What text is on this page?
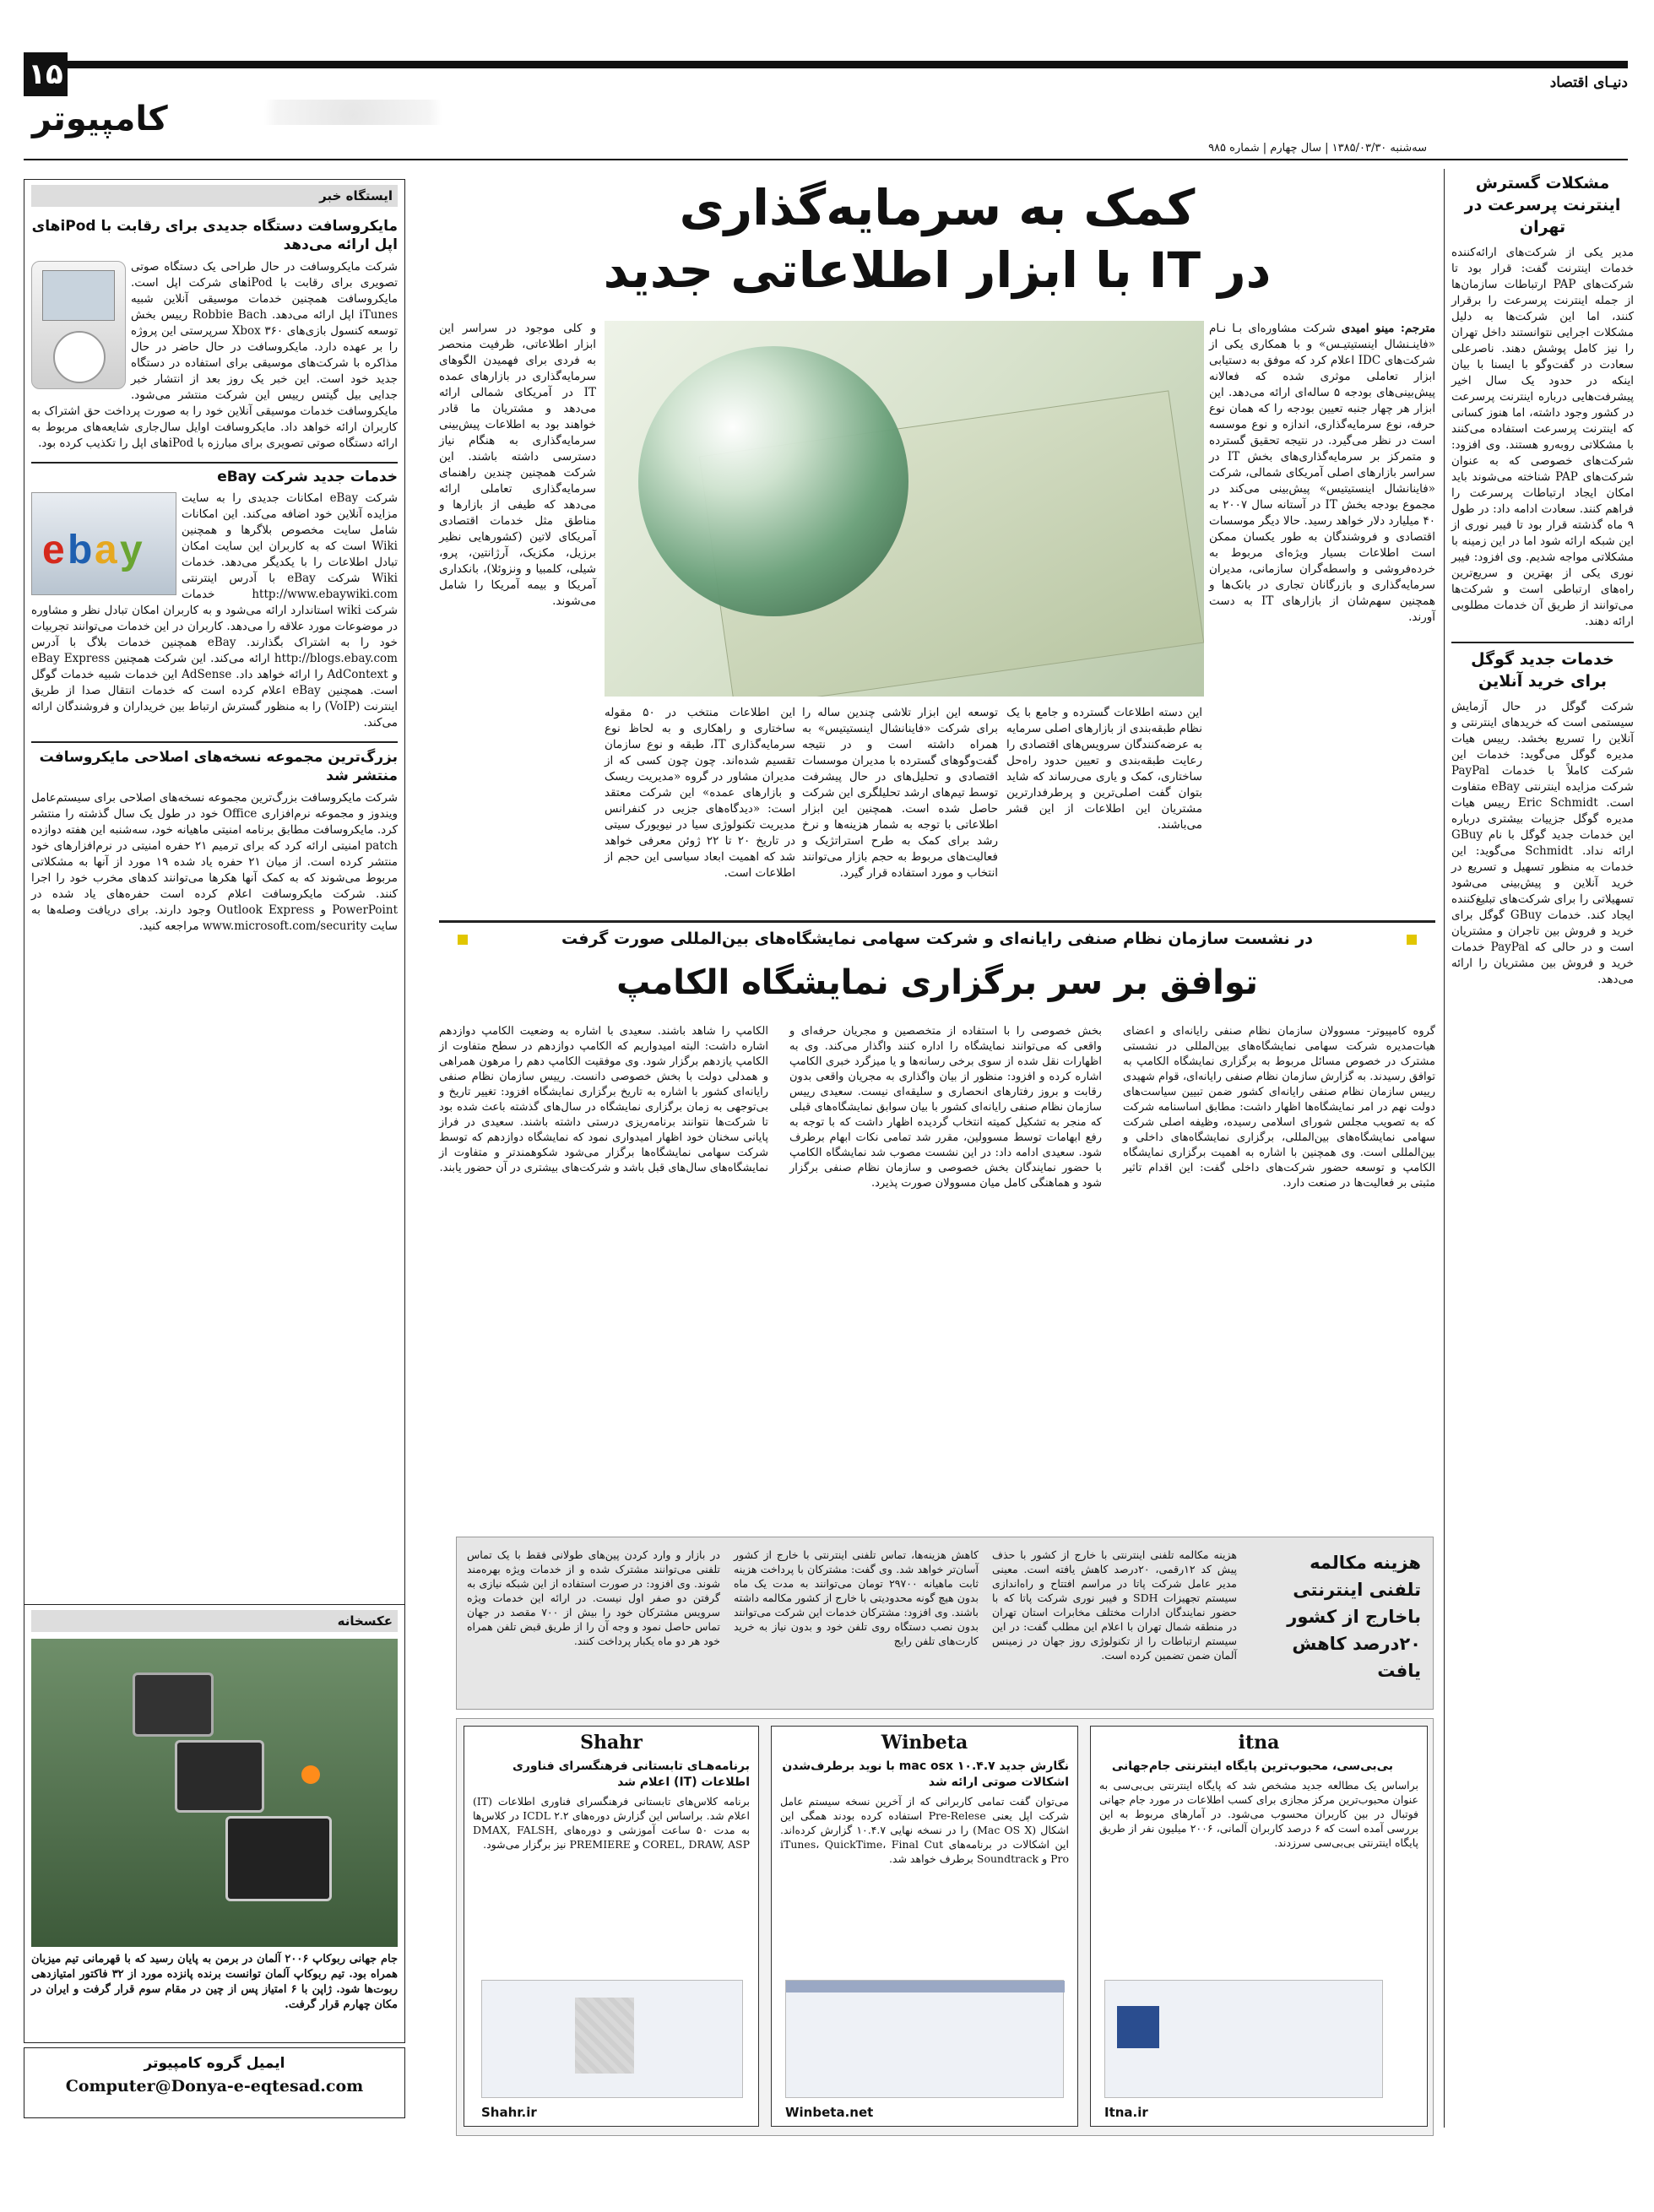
۱۵	دنیـای اقتصاد
کامپیوتر
سه‌شنبه ۱۳۸۵/۰۳/۳۰ | سال چهارم | شماره ۹۸۵
ایستگاه خبر
مایکروسافت دستگاه جدیدی برای رقابت با iPodهای اپل ارائه می‌دهد
شرکت مایکروسافت در حال طراحی یک دستگاه صوتی تصویری برای رقابت با iPodهای شرکت اپل است. مایکروسافت همچنین خدمات موسیقی آنلاین شبیه iTunes اپل ارائه می‌دهد. Robbie Bach رییس بخش توسعه کنسول بازی‌های Xbox ۳۶۰ سرپرستی این پروژه را بر عهده دارد. مایکروسافت در حال حاضر در حال مذاکره با شرکت‌های موسیقی برای استفاده در دستگاه جدید خود است. این خبر یک روز بعد از انتشار خبر جدایی بیل گیتس رییس این شرکت منتشر می‌شود. مایکروسافت خدمات موسیقی آنلاین خود را به صورت پرداخت حق اشتراک به کاربران ارائه خواهد داد. مایکروسافت اوایل سال‌جاری شایعه‌های مربوط به ارائه دستگاه صوتی تصویری برای مبارزه با iPodهای اپل را تکذیب کرده بود.
خدمات جدید شرکت eBay
e b a y
شرکت eBay امکانات جدیدی را به سایت مزایده آنلاین خود اضافه می‌کند. این امکانات شامل سایت مخصوص بلاگرها و همچنین Wiki است که به کاربران این سایت امکان تبادل اطلاعات را با یکدیگر می‌دهد. خدمات Wiki شرکت eBay با آدرس اینترنتی http://www.ebaywiki.com خدمات شرکت wiki استاندارد ارائه می‌شود و به کاربران امکان تبادل نظر و مشاوره در موضوعات مورد علاقه را می‌دهد. کاربران در این خدمات می‌توانند تجربیات خود را به اشتراک بگذارند. eBay همچنین خدمات بلاگ با آدرس http://blogs.ebay.com ارائه می‌کند. این شرکت همچنین eBay Express و AdContext را ارائه خواهد داد. AdSense این خدمات شبیه خدمات گوگل است. همچنین eBay اعلام کرده است که خدمات انتقال صدا از طریق اینترنت (VoIP) را به منظور گسترش ارتباط بین خریداران و فروشندگان ارائه می‌کند.
بزرگ‌ترین مجموعه نسخه‌های اصلاحی مایکروسافت منتشر شد
شرکت مایکروسافت بزرگ‌ترین مجموعه نسخه‌های اصلاحی برای سیستم‌عامل ویندوز و مجموعه نرم‌افزاری Office خود در طول یک سال گذشته را منتشر کرد. مایکروسافت مطابق برنامه امنیتی ماهیانه خود، سه‌شنبه این هفته دوازده patch امنیتی ارائه کرد که برای ترمیم ۲۱ حفره امنیتی در نرم‌افزارهای خود منتشر کرده است. از میان ۲۱ حفره یاد شده ۱۹ مورد از آنها به مشکلاتی مربوط می‌شوند که به کمک آنها هکرها می‌توانند کدهای مخرب خود را اجرا کنند. شرکت مایکروسافت اعلام کرده است حفره‌های یاد شده در PowerPoint و Outlook Express وجود دارند. برای دریافت وصله‌ها به سایت www.microsoft.com/security مراجعه کنید.
عکسخانه
جام جهانی ربوکاپ ۲۰۰۶ آلمان در برمن به پایان رسید که با قهرمانی تیم میزبان همراه بود. تیم ربوکاپ آلمان توانست برنده پانزده مورد از ۳۲ فاکتور امتیازدهی ربوت‌ها شود. ژاپن با ۶ امتیاز پس از چین در مقام سوم قرار گرفت و ایران در مکان چهارم قرار گرفت.
ایمیل گروه کامپیوتر
Computer@Donya-e-eqtesad.com
کمک به سرمایه‌گذاری
در IT با ابزار اطلاعاتی جدید
مترجم: مینو امیدی شرکت مشاوره‌ای بـا نـام «فاینـنشال اینستیتیـس» و با همکاری یکی از شرکت‌های IDC اعلام کرد که موفق به دستیابی ابزار تعاملی موثری شده که فعالانه پیش‌بینی‌های بودجه ۵ ساله‌ای ارائه می‌دهد. این ابزار هر چهار جنبه تعیین بودجه را که همان نوع حرفه، نوع سرمایه‌گذاری، اندازه و نوع موسسه است در نظر می‌گیرد. در نتیجه تحقیق گسترده و متمرکز بر سرمایه‌گذاری‌های بخش IT در سراسر بازارهای اصلی آمریکای شمالی، شرکت «فاینانشال اینستیتیس» پیش‌بینی می‌کند در مجموع بودجه بخش IT در آستانه سال ۲۰۰۷ به ۴۰ میلیارد دلار خواهد رسید. حالا دیگر موسسات اقتصادی و فروشندگان به طور یکسان ممکن است اطلاعات بسیار ویژه‌ای مربوط به خرده‌فروشی و واسطه‌گران سازمانی، مدیران سرمایه‌گذاری و بازرگانان تجاری در بانک‌ها و همچنین سهم‌شان از بازارهای IT به دست آورند.
و کلی موجود در سراسر این ابزار اطلاعاتی، ظرفیت منحصر به فردی برای فهمیدن الگوهای سرمایه‌گذاری در بازارهای عمده IT در آمریکای شمالی ارائه می‌دهد و مشتریان ما قادر خواهند بود به اطلاعات پیش‌بینی سرمایه‌گذاری به هنگام نیاز دسترسی داشته باشند. این شرکت همچنین چندین راهنمای سرمایه‌گذاری تعاملی ارائه می‌دهد که طیفی از بازارها و مناطق مثل خدمات اقتصادی آمریکای لاتین (کشورهایی نظیر برزیل، مکزیک، آرژانتین، پرو، شیلی، کلمبیا و ونزوئلا)، بانکداری آمریکا و بیمه آمریکا را شامل می‌شوند.
این دسته اطلاعات گسترده و جامع با یک نظام طبقه‌بندی از بازارهای اصلی سرمایه به عرضه‌کنندگان سرویس‌های اقتصادی را رعایت طبقه‌بندی و تعیین حدود راه‌حل ساختاری، کمک و یاری می‌رساند که شاید بتوان گفت اصلی‌ترین و پرطرفدارترین مشتریان این اطلاعات از این قشر می‌باشند.
توسعه این ابزار تلاشی چندین ساله را برای شرکت «فاینانشال اینستیتیس» به همراه داشته است و در نتیجه گفت‌وگوهای گسترده با مدیران موسسات اقتصادی و تحلیل‌های در حال پیشرفت توسط تیم‌های ارشد تحلیلگری این شرکت حاصل شده است. همچنین این ابزار اطلاعاتی با توجه به شمار هزینه‌ها و نرخ رشد برای کمک به طرح استراتژیک و فعالیت‌های مربوط به حجم بازار می‌توانند انتخاب و مورد استفاده قرار گیرد.
این اطلاعات منتخب در ۵۰ مقوله ساختاری و راهکاری و به لحاظ نوع سرمایه‌گذاری IT، طبقه و نوع سازمان تقسیم شده‌اند. چون چون کسی که از مدیران مشاور در گروه «مدیریت ریسک و بازارهای عمده» این شرکت معتقد است: «دیدگاه‌های جزیی در کنفرانس مدیریت تکنولوژی سیا در نیویورک سیتی در تاریخ ۲۰ تا ۲۲ ژوئن معرفی خواهد شد که اهمیت ابعاد سیاسی این حجم از اطلاعات است.
مشکلات گسترش اینترنت پرسرعت در تهران
مدیر یکی از شرکت‌های ارائه‌کننده خدمات اینترنت گفت: قرار بود تا شرکت‌های PAP ارتباطات سازمان‌ها از جمله اینترنت پرسرعت را برقرار کنند، اما این شرکت‌ها به دلیل مشکلات اجرایی نتوانستند داخل تهران را نیز کامل پوشش دهند. ناصرعلی سعادت در گفت‌وگو با ایسنا با بیان اینکه در حدود یک سال اخیر پیشرفت‌هایی درباره اینترنت پرسرعت در کشور وجود داشته، اما هنوز کسانی که اینترنت پرسرعت استفاده می‌کنند با مشکلاتی روبه‌رو هستند. وی افزود: شرکت‌های خصوصی که به عنوان شرکت‌های PAP شناخته می‌شوند باید امکان ایجاد ارتباطات پرسرعت را فراهم کنند. سعادت ادامه داد: در طول ۹ ماه گذشته قرار بود تا فیبر نوری از این شبکه ارائه شود اما در این زمینه با مشکلاتی مواجه شدیم. وی افزود: فیبر نوری یکی از بهترین و سریع‌ترین راه‌های ارتباطی است و شرکت‌ها می‌توانند از طریق آن خدمات مطلوبی ارائه دهند.
خدمات جدید گوگل برای خرید آنلاین
شرکت گوگل در حال آزمایش سیستمی است که خریدهای اینترنتی و آنلاین را تسریع بخشد. رییس هیات مدیره گوگل می‌گوید: خدمات این شرکت کاملاً با خدمات PayPal شرکت مزایده اینترنتی eBay متفاوت است. Eric Schmidt رییس هیات مدیره گوگل جزییات بیشتری درباره این خدمات جدید گوگل با نام GBuy ارائه نداد. Schmidt می‌گوید: این خدمات به منظور تسهیل و تسریع در خرید آنلاین و پیش‌بینی می‌شود تسهیلاتی را برای شرکت‌های تبلیغ‌کننده ایجاد کند. خدمات GBuy گوگل برای خرید و فروش بین تاجران و مشتریان است و در حالی که PayPal خدمات خرید و فروش بین مشتریان را ارائه می‌دهد.
در نشست سازمان نظام صنفی رایانه‌ای و شرکت سهامی نمایشگاه‌های بین‌المللی صورت گرفت
توافق بر سر برگزاری نمایشگاه الکامپ
گروه کامپیوتر- مسوولان سازمان نظام صنفی رایانه‌ای و اعضای هیات‌مدیره شرکت سهامی نمایشگاه‌های بین‌المللی در نشستی مشترک در خصوص مسائل مربوط به برگزاری نمایشگاه الکامپ به توافق رسیدند. به گزارش سازمان نظام صنفی رایانه‌ای، قوام شهیدی رییس سازمان نظام صنفی رایانه‌ای کشور ضمن تبیین سیاست‌های دولت نهم در امر نمایشگاه‌ها اظهار داشت: مطابق اساسنامه شرکت که به تصویب مجلس شورای اسلامی رسیده، وظیفه اصلی شرکت سهامی نمایشگاه‌های بین‌المللی، برگزاری نمایشگاه‌های داخلی و بین‌المللی است. وی همچنین با اشاره به اهمیت برگزاری نمایشگاه الکامپ و توسعه حضور شرکت‌های داخلی گفت: این اقدام تاثیر مثبتی بر فعالیت‌ها در صنعت دارد.
بخش خصوصی را با استفاده از متخصصین و مجریان حرفه‌ای و واقعی که می‌توانند نمایشگاه را اداره کنند واگذار می‌کند. وی به اظهارات نقل شده از سوی برخی رسانه‌ها و یا میزگرد خبری الکامپ اشاره کرده و افزود: منظور از بیان واگذاری به مجریان واقعی بدون رقابت و بروز رفتارهای انحصاری و سلیقه‌ای نیست. سعیدی رییس سازمان نظام صنفی رایانه‌ای کشور با بیان سوابق نمایشگاه‌های قبلی که منجر به تشکیل کمیته انتخاب گردیده اظهار داشت که با توجه به رفع ابهامات توسط مسوولین، مقرر شد تمامی نکات ابهام برطرف شود. سعیدی ادامه داد: در این نشست مصوب شد نمایشگاه الکامپ با حضور نمایندگان بخش خصوصی و سازمان نظام صنفی برگزار شود و هماهنگی کامل میان مسوولان صورت پذیرد.
الکامپ را شاهد باشند. سعیدی با اشاره به وضعیت الکامپ دوازدهم اشاره داشت: البته امیدواریم که الکامپ دوازدهم در سطح متفاوت از الکامپ یازدهم برگزار شود. وی موفقیت الکامپ دهم را مرهون همراهی و همدلی دولت با بخش خصوصی دانست. رییس سازمان نظام صنفی رایانه‌ای کشور با اشاره به تاریخ برگزاری نمایشگاه افزود: تغییر تاریخ و بی‌توجهی به زمان برگزاری نمایشگاه در سال‌های گذشته باعث شده بود تا شرکت‌ها نتوانند برنامه‌ریزی درستی داشته باشند. سعیدی در فراز پایانی سخنان خود اظهار امیدواری نمود که نمایشگاه دوازدهم که توسط شرکت سهامی نمایشگاه‌ها برگزار می‌شود شکوهمندتر و متفاوت از نمایشگاه‌های سال‌های قبل باشد و شرکت‌های بیشتری در آن حضور یابند.
هزینه مکالمه تلفنی اینترنتی باخارج از کشور ۲۰درصد کاهش یافت
هزینه مکالمه تلفنی اینترنتی با خارج از کشور با حذف پیش کد ۱۲رقمی، ۲۰درصد کاهش یافته است. معینی مدیر عامل شرکت پاتا در مراسم افتتاح و راه‌اندازی سیستم تجهیزات SDH و فیبر نوری شرکت پاتا که با حضور نمایندگان ادارات مختلف مخابرات استان تهران در منطقه شمال تهران با اعلام این مطلب گفت: در این سیستم ارتباطات را از تکنولوژی روز جهان در زمینس آلمان ضمن تضمین کرده است.
کاهش هزینه‌ها، تماس تلفنی اینترنتی با خارج از کشور آسان‌تر خواهد شد. وی گفت: مشترکان با پرداخت هزینه ثابت ماهیانه ۲۹۷۰۰ تومان می‌توانند به مدت یک ماه بدون هیچ گونه محدودیتی با خارج از کشور مکالمه داشته باشند. وی افزود: مشترکان خدمات این شرکت می‌توانند بدون نصب دستگاه روی تلفن خود و بدون نیاز به خرید کارت‌های تلفن رایج
در بازار و وارد کردن پین‌های طولانی فقط با یک تماس تلفنی می‌توانند مشترک شده و از خدمات ویژه بهره‌مند شوند. وی افزود: در صورت استفاده از این شبکه نیازی به گرفتن دو صفر اول نیست. در ارائه این خدمات ویژه سرویس مشترکان خود را بیش از ۷۰۰ مقصد در جهان تماس حاصل نمود و وجه آن را از طریق قبض تلفن همراه خود هر دو ماه یکبار پرداخت کنند.
Shahr
برنامه‌هـای تابستانی فرهنگسرای فناوری اطلاعات (IT) اعلام شد
برنامه کلاس‌های تابستانی فرهنگسرای فناوری اطلاعات (IT) اعلام شد. براساس این گزارش دوره‌های ICDL ۲.۲ در کلاس‌ها به مدت ۵۰ ساعت آموزشی و دوره‌های DMAX, FALSH, COREL, DRAW, ASP و PREMIERE نیز برگزار می‌شود.
Shahr.ir
Winbeta
نگارش جدید mac osx ۱۰.۴.۷ با نوید برطرف‌شدن اشکالات صوتی ارائه شد
می‌توان گفت تمامی کاربرانی که از آخرین نسخه سیستم عامل شرکت اپل یعنی Pre-Relese استفاده کرده بودند همگی این اشکال (Mac OS X) را در نسخه نهایی ۱۰.۴.۷ گزارش کرده‌اند. این اشکالات در برنامه‌های iTunes، QuickTime، Final Cut Pro و Soundtrack برطرف خواهد شد.
Winbeta.net
itna
بی‌بی‌سی، محبوب‌ترین پایگاه اینترنتی جام‌جهانی
براساس یک مطالعه جدید مشخص شد که پایگاه اینترنتی بی‌بی‌سی به عنوان محبوب‌ترین مرکز مجازی برای کسب اطلاعات در مورد جام جهانی فوتبال در بین کاربران محسوب می‌شود. در آمارهای مربوط به این بررسی آمده است که ۶ درصد کاربران آلمانی، ۲۰۰۶ میلیون نفر از طریق پایگاه اینترنتی بی‌بی‌سی سرزدند.
Itna.ir
